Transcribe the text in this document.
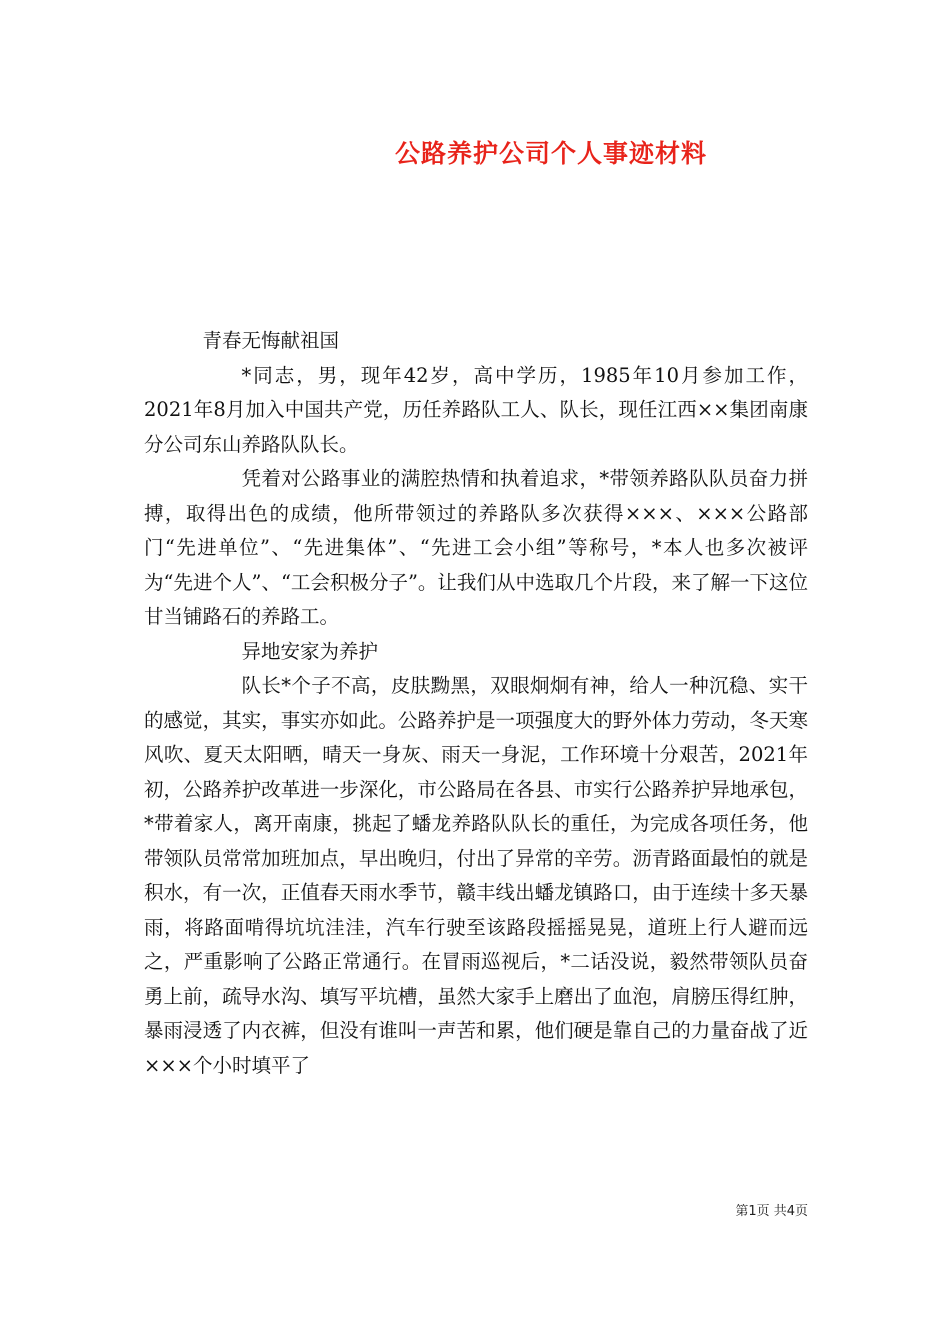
公路养护公司个人事迹材料

青春无悔献祖国

*同志，男，现年42岁，高中学历，1985年10月参加工作，2021年8月加入中国共产党，历任养路队工人、队长，现任江西××集团南康分公司东山养路队队长。

凭着对公路事业的满腔热情和执着追求，*带领养路队队员奋力拼搏，取得出色的成绩，他所带领过的养路队多次获得×××、×××公路部门“先进单位”、“先进集体”、“先进工会小组”等称号，*本人也多次被评为“先进个人”、“工会积极分子”。让我们从中选取几个片段，来了解一下这位甘当铺路石的养路工。

异地安家为养护

队长*个子不高，皮肤黝黑，双眼炯炯有神，给人一种沉稳、实干的感觉，其实，事实亦如此。公路养护是一项强度大的野外体力劳动，冬天寒风吹、夏天太阳晒，晴天一身灰、雨天一身泥，工作环境十分艰苦，2021年初，公路养护改革进一步深化，市公路局在各县、市实行公路养护异地承包，*带着家人，离开南康，挑起了蟠龙养路队队长的重任，为完成各项任务，他带领队员常常加班加点，早出晚归，付出了异常的辛劳。沥青路面最怕的就是积水，有一次，正值春天雨水季节，赣丰线出蟠龙镇路口，由于连续十多天暴雨，将路面啃得坑坑洼洼，汽车行驶至该路段摇摇晃晃，道班上行人避而远之，严重影响了公路正常通行。在冒雨巡视后，*二话没说，毅然带领队员奋勇上前，疏导水沟、填写平坑槽，虽然大家手上磨出了血泡，肩膀压得红肿，暴雨浸透了内衣裤，但没有谁叫一声苦和累，他们硬是靠自己的力量奋战了近×××个小时填平了

第1页 共4页
